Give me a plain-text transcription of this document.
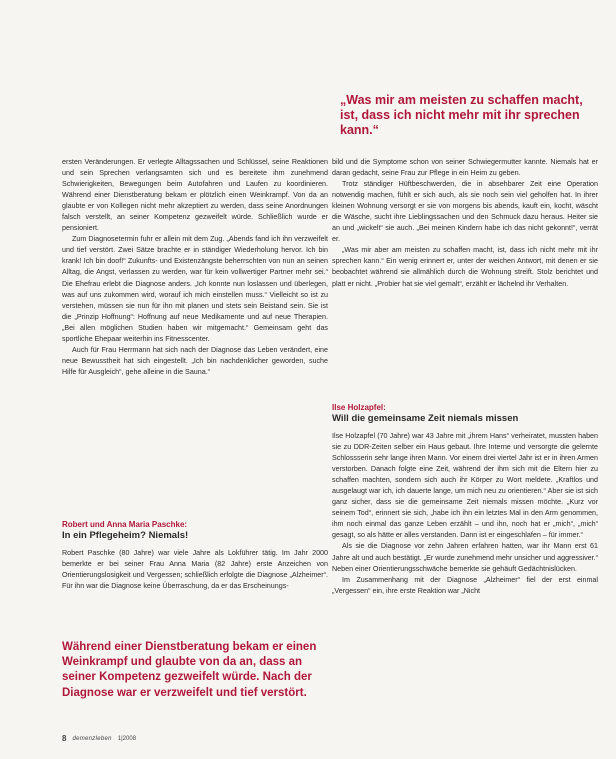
„Was mir am meisten zu schaffen macht, ist, dass ich nicht mehr mit ihr sprechen kann.“

ersten Veränderungen. Er verlegte Alltagssachen und Schlüssel, seine Reaktionen und sein Sprechen verlangsamten sich und es bereitete ihm zunehmend Schwierigkeiten, Bewegungen beim Autofahren und Laufen zu koordinieren. Während einer Dienstberatung bekam er plötzlich einen Weinkrampf. Von da an glaubte er von Kollegen nicht mehr akzeptiert zu werden, dass seine Anordnungen falsch verstellt, an seiner Kompetenz gezweifelt würde. Schließlich wurde er pensioniert.

Zum Diagnosetermin fuhr er allein mit dem Zug. „Abends fand ich ihn verzweifelt und tief verstört. Zwei Sätze brachte er in ständiger Wiederholung hervor. Ich bin krank! Ich bin doof!“ Zukunfts- und Existenzängste beherrschten von nun an seinen Alltag, die Angst, verlassen zu werden, war für kein vollwertiger Partner mehr sei.“ Die Ehefrau erlebt die Diagnose anders. „Ich konnte nun loslassen und überlegen, was auf uns zukommen wird, worauf ich mich einstellen muss.“ Vielleicht so ist zu verstehen, müssen sie nun für ihn mit planen und stets sein Beistand sein. Sie ist die „Prinzip Hoffnung“: Hoffnung auf neue Medikamente und auf neue Therapien. „Bei allen möglichen Studien haben wir mitgemacht.“ Gemeinsam geht das sportliche Ehepaar weiterhin ins Fitnesscenter.

Auch für Frau Herrmann hat sich nach der Diagnose das Leben verändert, eine neue Bewusstheit hat sich eingestellt. „Ich bin nachdenklicher geworden, suche Hilfe für Ausgleich“, gehe alleine in die Sauna.“

Robert und Anna Maria Paschke:

In ein Pflegeheim? Niemals!

Robert Paschke (80 Jahre) war viele Jahre als Lokführer tätig. Im Jahr 2000 bemerkte er bei seiner Frau Anna Maria (82 Jahre) erste Anzeichen von Orientierungslosigkeit und Vergessen; schließlich erfolgte die Diagnose „Alzheimer“. Für ihn war die Diagnose keine Überraschung, da er das Erscheinungs-

Während einer Dienstberatung bekam er einen Weinkrampf und glaubte von da an, dass an seiner Kompetenz gezweifelt würde. Nach der Diagnose war er verzweifelt und tief verstört.

bild und die Symptome schon von seiner Schwiegermutter kannte. Niemals hat er daran gedacht, seine Frau zur Pflege in ein Heim zu geben.

Trotz ständiger Hüftbeschwerden, die in absehbarer Zeit eine Operation notwendig machen, fühlt er sich auch, als sie noch sein viel geholfen hat. In ihrer kleinen Wohnung versorgt er sie von morgens bis abends, kauft ein, kocht, wäscht die Wäsche, sucht ihre Lieblingssachen und den Schmuck dazu heraus. Heiter sie an und „wickelt“ sie auch. „Bei meinen Kindern habe ich das nicht gekonnt!“, verrät er.

„Was mir aber am meisten zu schaffen macht, ist, dass ich nicht mehr mit ihr sprechen kann.“ Ein wenig erinnert er, unter der weichen Antwort, mit denen er sie beobachtet während sie allmählich durch die Wohnung streift. Stolz berichtet und platt er nicht. „Probier hat sie viel gemalt“, erzählt er lächelnd ihr Verhalten.

Ilse Holzapfel:

Will die gemeinsame Zeit niemals missen

Ilse Holzapfel (70 Jahre) war 43 Jahre mit „ihrem Hans“ verheiratet, mussten haben sie zu DDR-Zeiten selber ein Haus gebaut. Ihre Interne und versorgte die gelernte Schlossserin sehr lange ihren Mann. Vor einem drei viertel Jahr ist er in ihren Armen verstorben. Danach folgte eine Zeit, während der ihm sich mit die Eltern hier zu schaffen machten, sondern sich auch ihr Körper zu Wort meldete. „Kraftlos und ausgelaugt war ich, ich dauerte lange, um mich neu zu orientieren.“ Aber sie ist sich ganz sicher, dass sie die gemeinsame Zeit niemals missen möchte. „Kurz vor seinem Tod“, erinnert sie sich, „habe ich ihn ein letztes Mal in den Arm genommen, ihm noch einmal das ganze Leben erzählt – und ihn, noch hat er „mich“, „mich“ gesagt, so als hätte er alles verstanden. Dann ist er eingeschlafen – für immer.“

Als sie die Diagnose vor zehn Jahren erfahren hatten, war ihr Mann erst 61 Jahre alt und auch bestätigt. „Er wurde zunehmend mehr unsicher und aggressiver.“ Neben einer Orientierungsschwäche bemerkte sie gehäuft Gedächtnislücken.

Im Zusammenhang mit der Diagnose „Alzheimer“ fiel der erst einmal „Vergessen“ ein, ihre erste Reaktion war „Nicht

8 demenzleben 1|2008
